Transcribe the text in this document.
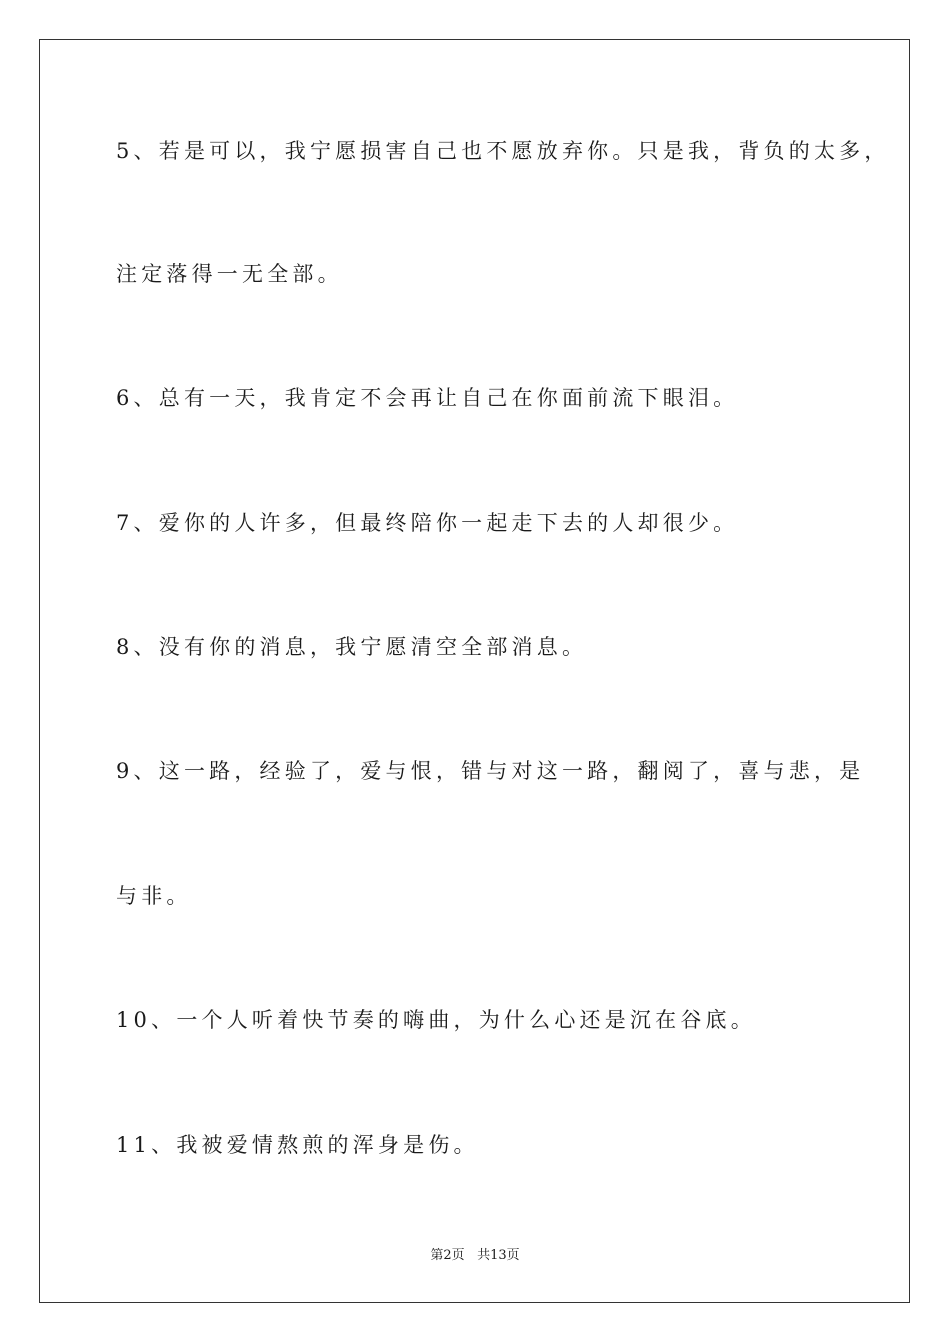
5、若是可以，我宁愿损害自己也不愿放弃你。只是我，背负的太多，
注定落得一无全部。
6、总有一天，我肯定不会再让自己在你面前流下眼泪。
7、爱你的人许多，但最终陪你一起走下去的人却很少。
8、没有你的消息，我宁愿清空全部消息。
9、这一路，经验了，爱与恨，错与对这一路，翻阅了，喜与悲，是
与非。
10、一个人听着快节奏的嗨曲，为什么心还是沉在谷底。
11、我被爱情熬煎的浑身是伤。
第2页 共13页
